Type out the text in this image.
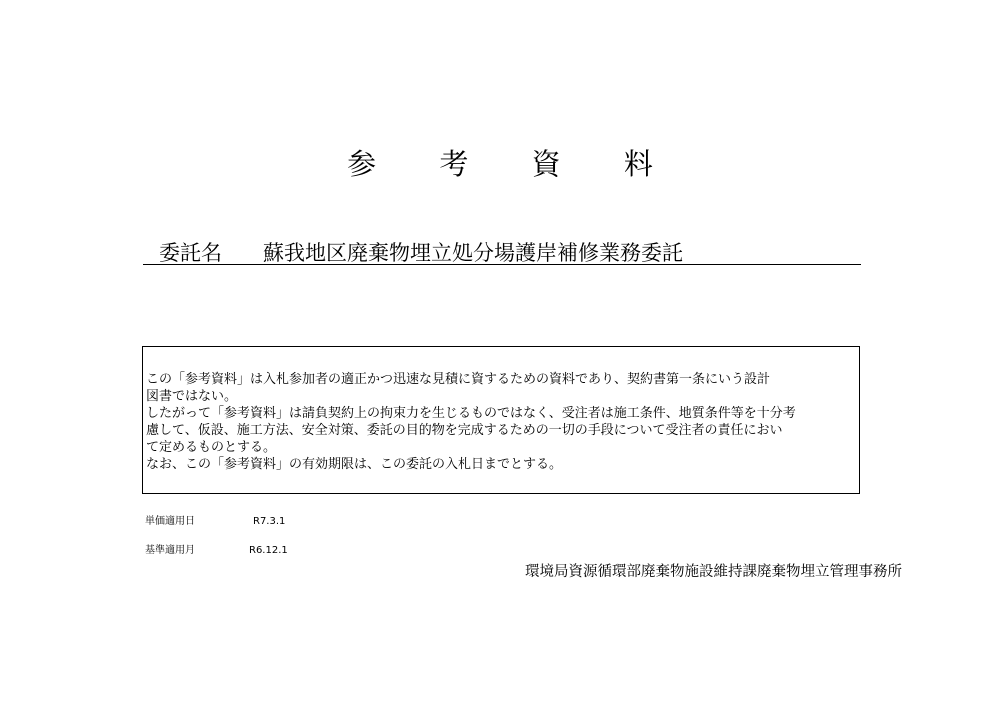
参 考 資 料
委託名 蘇我地区廃棄物埋立処分場護岸補修業務委託

この「参考資料」は入札参加者の適正かつ迅速な見積に資するための資料であり、契約書第一条にいう設計

図書ではない。

したがって「参考資料」は請負契約上の拘束力を生じるものではなく、受注者は施工条件、地質条件等を十分考

慮して、仮設、施工方法、安全対策、委託の目的物を完成するための一切の手段について受注者の責任におい

て定めるものとする。

なお、この「参考資料」の有効期限は、この委託の入札日までとする。

単価適用日	R7.3.1
基準適用月	R6.12.1
環境局資源循環部廃棄物施設維持課廃棄物埋立管理事務所
